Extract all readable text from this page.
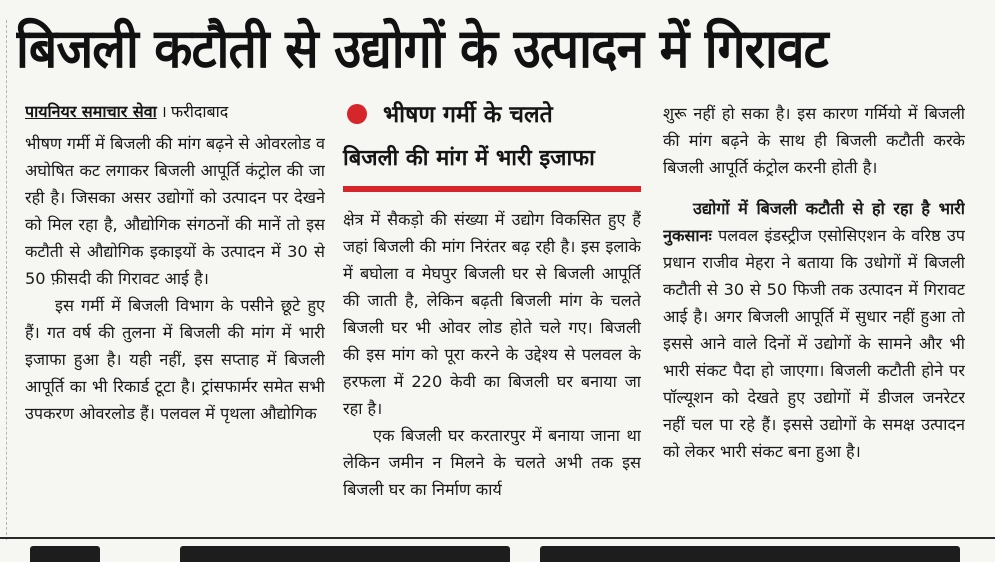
बिजली कटौती से उद्योगों के उत्पादन में गिरावट
पायनियर समाचार सेवा । फरीदाबाद

भीषण गर्मी में बिजली की मांग बढ़ने से ओवरलोड व अघोषित कट लगाकर बिजली आपूर्ति कंट्रोल की जा रही है। जिसका असर उद्योगों को उत्पादन पर देखने को मिल रहा है, औद्योगिक संगठनों की मानें तो इस कटौती से औद्योगिक इकाइयों के उत्पादन में 30 से 50 फ़ीसदी की गिरावट आई है।

इस गर्मी में बिजली विभाग के पसीने छूटे हुए हैं। गत वर्ष की तुलना में बिजली की मांग में भारी इजाफा हुआ है। यही नहीं, इस सप्ताह में बिजली आपूर्ति का भी रिकार्ड टूटा है। ट्रांसफार्मर समेत सभी उपकरण ओवरलोड हैं। पलवल में पृथला औद्योगिक

भीषण गर्मी के चलते
बिजली की मांग में भारी इजाफा

क्षेत्र में सैकड़ो की संख्या में उद्योग विकसित हुए हैं जहां बिजली की मांग निरंतर बढ़ रही है। इस इलाके में बघोला व मेघपुर बिजली घर से बिजली आपूर्ति की जाती है, लेकिन बढ़ती बिजली मांग के चलते बिजली घर भी ओवर लोड होते चले गए। बिजली की इस मांग को पूरा करने के उद्देश्य से पलवल के हरफला में 220 केवी का बिजली घर बनाया जा रहा है।

एक बिजली घर करतारपुर में बनाया जाना था लेकिन जमीन न मिलने के चलते अभी तक इस बिजली घर का निर्माण कार्य

शुरू नहीं हो सका है। इस कारण गर्मियो में बिजली की मांग बढ़ने के साथ ही बिजली कटौती करके बिजली आपूर्ति कंट्रोल करनी होती है।

उद्योगों में बिजली कटौती से हो रहा है भारी नुकसानः पलवल इंडस्ट्रीज एसोसिएशन के वरिष्ठ उप प्रधान राजीव मेहरा ने बताया कि उधोगों में बिजली कटौती से 30 से 50 फिजी तक उत्पादन में गिरावट आई है। अगर बिजली आपूर्ति में सुधार नहीं हुआ तो इससे आने वाले दिनों में उद्योगों के सामने और भी भारी संकट पैदा हो जाएगा। बिजली कटौती होने पर पॉल्यूशन को देखते हुए उद्योगों में डीजल जनरेटर नहीं चल पा रहे हैं। इससे उद्योगों के समक्ष उत्पादन को लेकर भारी संकट बना हुआ है।
